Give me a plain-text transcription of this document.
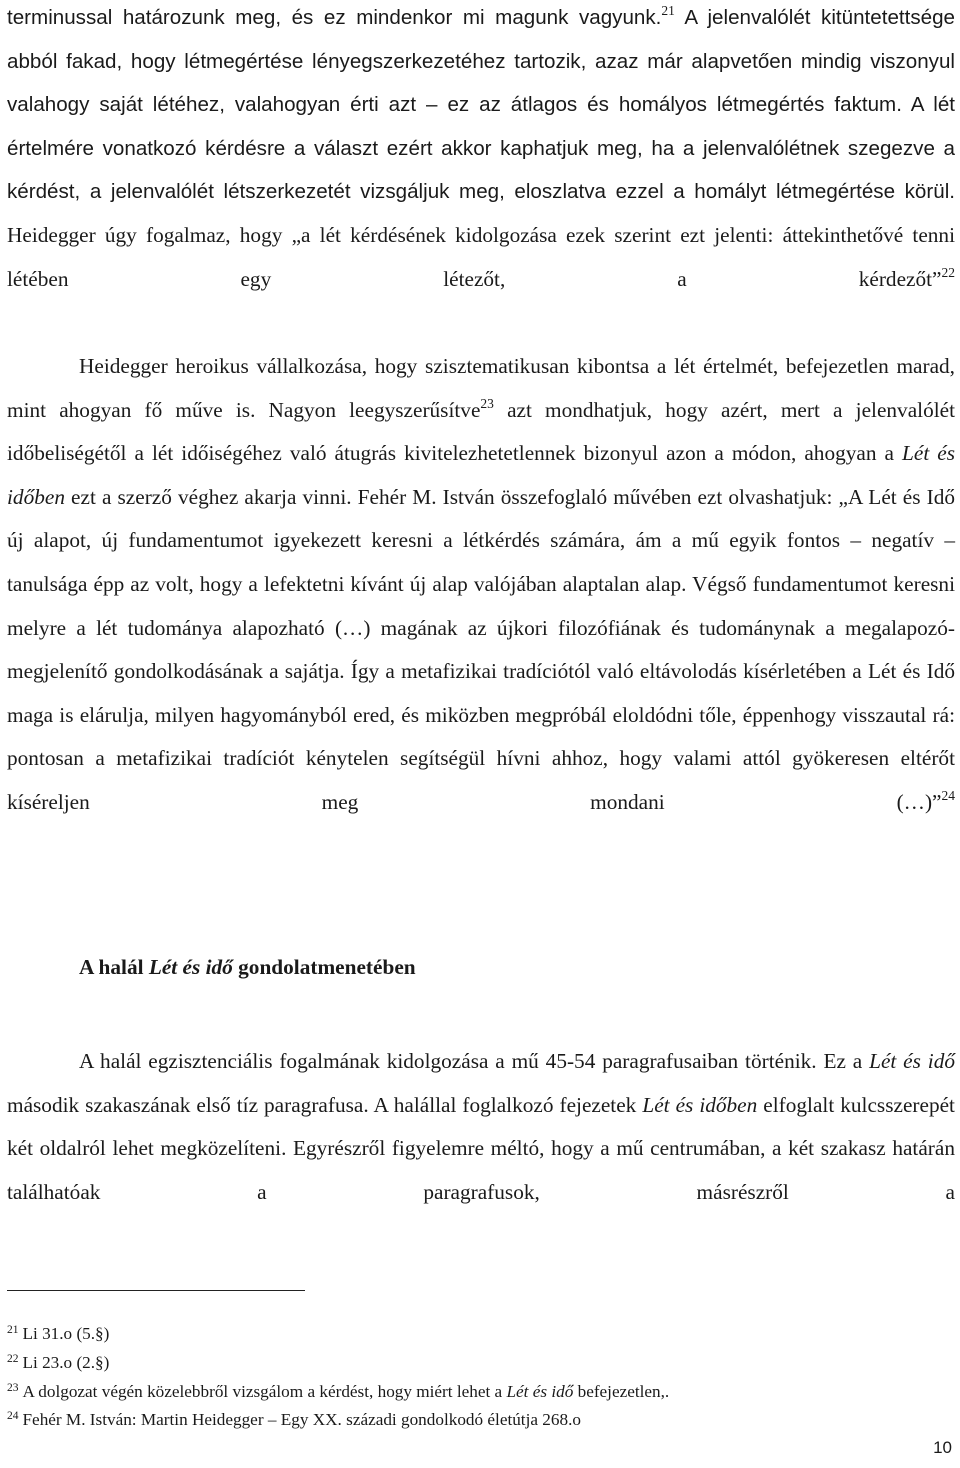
terminussal határozunk meg, és ez mindenkor mi magunk vagyunk.$^{21}$ A jelenvalólét kitüntetettsége abból fakad, hogy létmegértése lényegszerkezetéhez tartozik, azaz már alapvetően mindig viszonyul valahogy saját létéhez, valahogyan érti azt – ez az átlagos és homályos létmegértés faktum. A lét értelmére vonatkozó kérdésre a választ ezért akkor kaphatjuk meg, ha a jelenvalólétnek szegezve a kérdést, a jelenvalólét létszerkezetét vizsgáljuk meg, eloszlatva ezzel a homályt létmegértése körül. Heidegger úgy fogalmaz, hogy „a lét kérdésének kidolgozása ezek szerint ezt jelenti: áttekinthetővé tenni létében egy létezőt, a kérdezőt”$^{22}$

Heidegger heroikus vállalkozása, hogy szisztematikusan kibontsa a lét értelmét, befejezetlen marad, mint ahogyan fő műve is. Nagyon leegyszerűsítve$^{23}$ azt mondhatjuk, hogy azért, mert a jelenvalólét időbeliségétől a lét időiségéhez való átugrás kivitelezhetetlennek bizonyul azon a módon, ahogyan a Lét és időben ezt a szerző véghez akarja vinni. Fehér M. István összefoglaló művében ezt olvashatjuk: „A Lét és Idő új alapot, új fundamentumot igyekezett keresni a létkérdés számára, ám a mű egyik fontos – negatív – tanulsága épp az volt, hogy a lefektetni kívánt új alap valójában alaptalan alap. Végső fundamentumot keresni melyre a lét tudománya alapozható (…) magának az újkori filozófiának és tudománynak a megalapozó-megjelenítő gondolkodásának a sajátja. Így a metafizikai tradíciótól való eltávolodás kísérletében a Lét és Idő maga is elárulja, milyen hagyományból ered, és miközben megpróbál eloldódni tőle, éppenhogy visszautal rá: pontosan a metafizikai tradíciót kénytelen segítségül hívni ahhoz, hogy valami attól gyökeresen eltérőt kíséreljen meg mondani (…)”$^{24}$

A halál Lét és idő gondolatmenetében

A halál egzisztenciális fogalmának kidolgozása a mű 45-54 paragrafusaiban történik. Ez a Lét és idő második szakaszának első tíz paragrafusa. A halállal foglalkozó fejezetek Lét és időben elfoglalt kulcsszerepét két oldalról lehet megközelíteni. Egyrészről figyelemre méltó, hogy a mű centrumában, a két szakasz határán találhatóak a paragrafusok, másrészről a

$^{21}$ Li 31.o (5.§)
$^{22}$ Li 23.o (2.§)
$^{23}$ A dolgozat végén közelebbről vizsgálom a kérdést, hogy miért lehet a Lét és idő befejezetlen,.
$^{24}$ Fehér M. István: Martin Heidegger – Egy XX. századi gondolkodó életútja 268.o
10
